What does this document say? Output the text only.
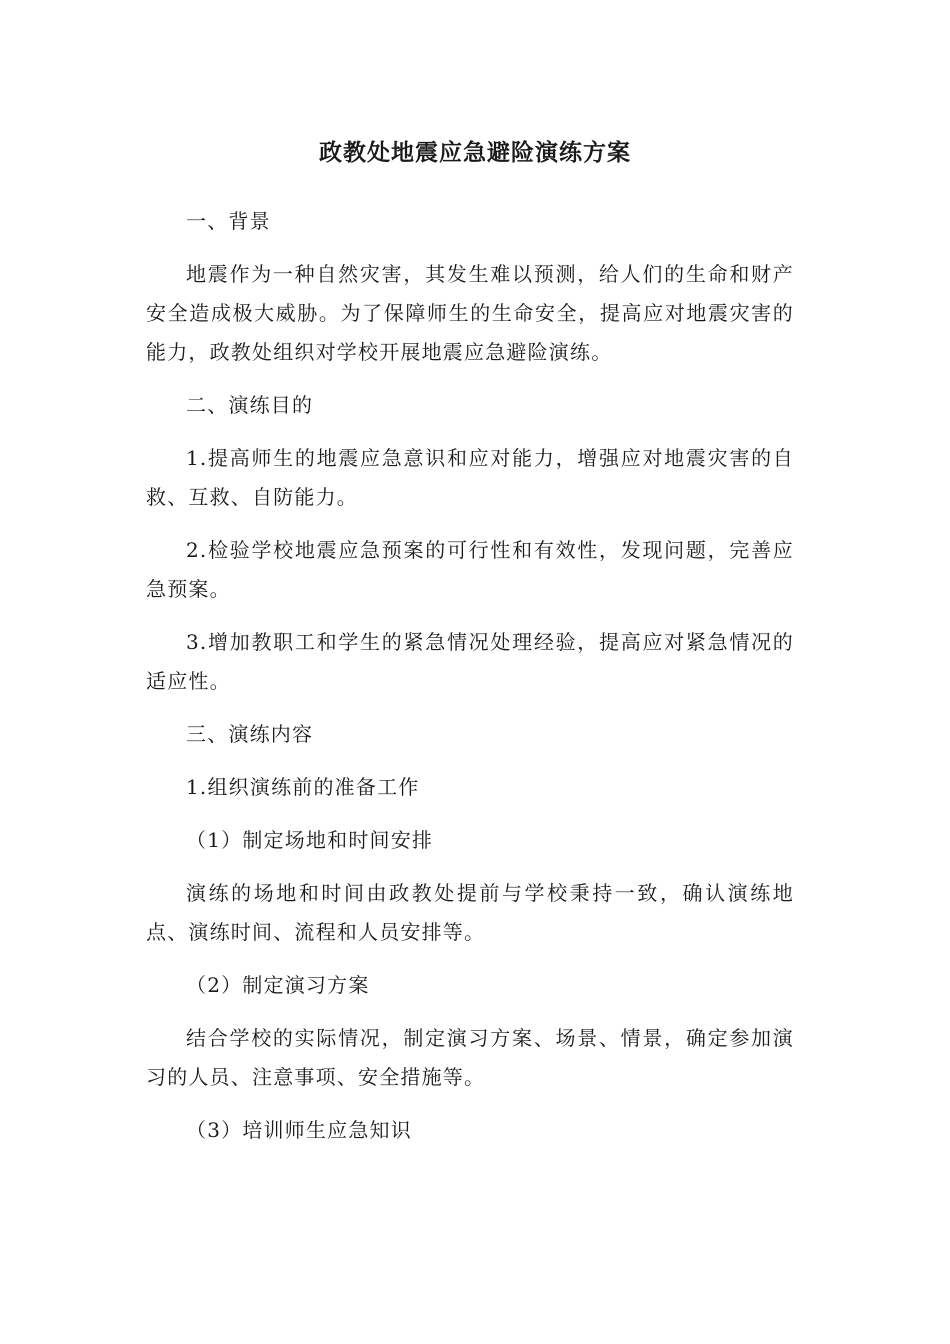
政教处地震应急避险演练方案

一、背景

地震作为一种自然灾害，其发生难以预测，给人们的生命和财产安全造成极大威胁。为了保障师生的生命安全，提高应对地震灾害的能力，政教处组织对学校开展地震应急避险演练。

二、演练目的

1.提高师生的地震应急意识和应对能力，增强应对地震灾害的自救、互救、自防能力。

2.检验学校地震应急预案的可行性和有效性，发现问题，完善应急预案。

3.增加教职工和学生的紧急情况处理经验，提高应对紧急情况的适应性。

三、演练内容

1.组织演练前的准备工作

（1）制定场地和时间安排

演练的场地和时间由政教处提前与学校秉持一致，确认演练地点、演练时间、流程和人员安排等。

（2）制定演习方案

结合学校的实际情况，制定演习方案、场景、情景，确定参加演习的人员、注意事项、安全措施等。

（3）培训师生应急知识
